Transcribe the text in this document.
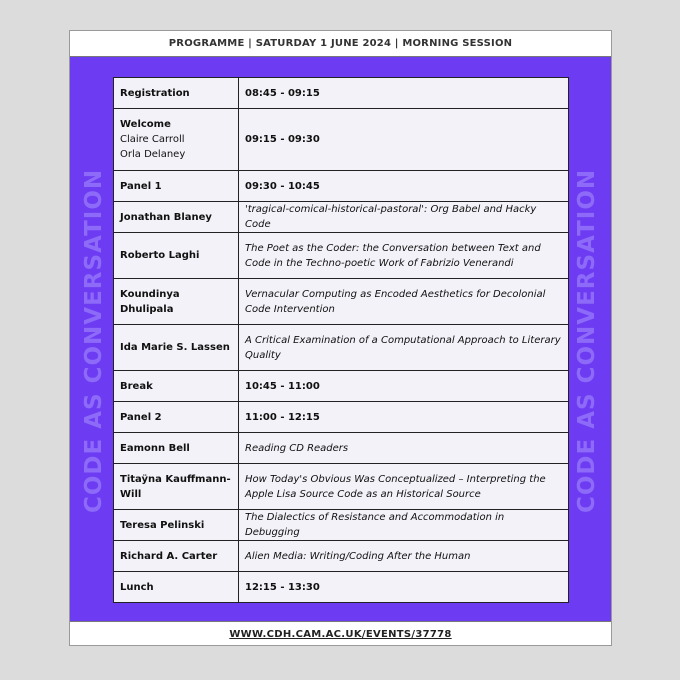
PROGRAMME | SATURDAY 1 JUNE 2024 | MORNING SESSION
CODE AS CONVERSATION	CODE AS CONVERSATION
Registration	08:45 - 09:15
Welcome
Claire Carroll
Orla Delaney	09:15 - 09:30
Panel 1	09:30 - 10:45
Jonathan Blaney	'tragical-comical-historical-pastoral': Org Babel and Hacky Code
Roberto Laghi	The Poet as the Coder: the Conversation between Text and Code in the Techno-poetic Work of Fabrizio Venerandi
Koundinya Dhulipala	Vernacular Computing as Encoded Aesthetics for Decolonial Code Intervention
Ida Marie S. Lassen	A Critical Examination of a Computational Approach to Literary Quality
Break	10:45 - 11:00
Panel 2	11:00 - 12:15
Eamonn Bell	Reading CD Readers
Titaÿna Kauffmann-Will	How Today's Obvious Was Conceptualized – Interpreting the Apple Lisa Source Code as an Historical Source
Teresa Pelinski	The Dialectics of Resistance and Accommodation in Debugging
Richard A. Carter	Alien Media: Writing/Coding After the Human
Lunch	12:15 - 13:30
WWW.CDH.CAM.AC.UK/EVENTS/37778
